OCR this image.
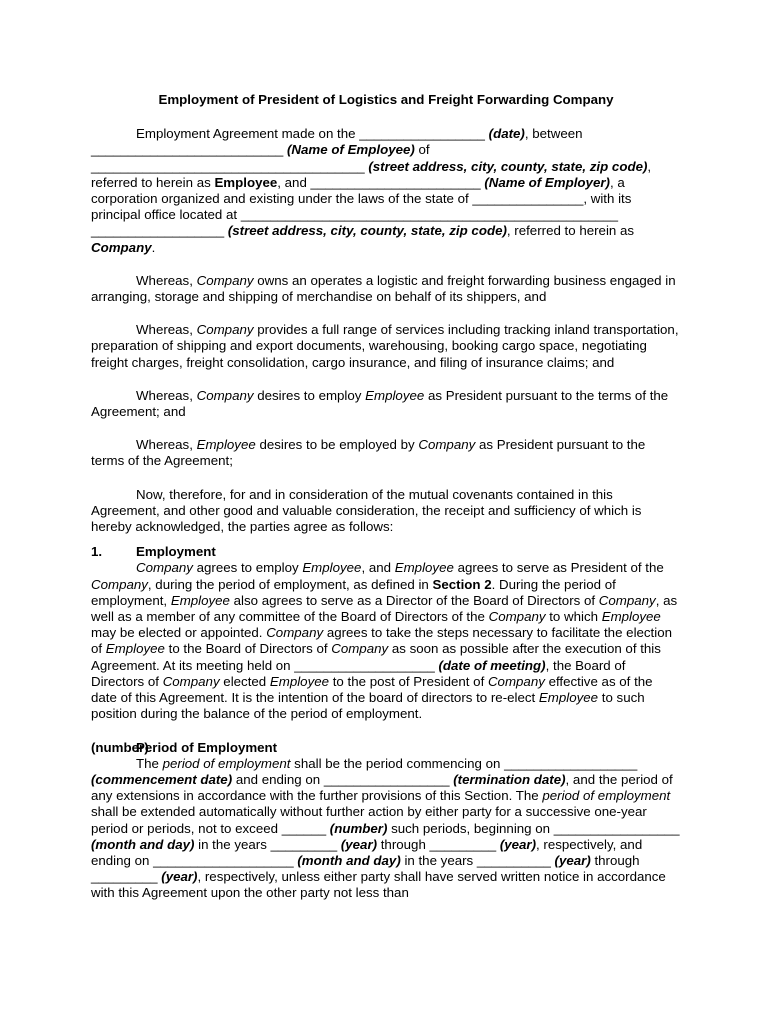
Employment of President of Logistics and Freight Forwarding Company
Employment Agreement made on the _________________ (date), between __________________________ (Name of Employee) of _____________________________________ (street address, city, county, state, zip code), referred to herein as Employee, and _______________________ (Name of Employer), a corporation organized and existing under the laws of the state of _______________, with its principal office located at ___________________________________________________ __________________ (street address, city, county, state, zip code), referred to herein as Company.
Whereas, Company owns an operates a logistic and freight forwarding business engaged in arranging, storage and shipping of merchandise on behalf of its shippers, and
Whereas, Company provides a full range of services including tracking inland transportation, preparation of shipping and export documents, warehousing, booking cargo space, negotiating freight charges, freight consolidation, cargo insurance, and filing of insurance claims; and
Whereas, Company desires to employ Employee as President pursuant to the terms of the Agreement; and
Whereas, Employee desires to be employed by Company as President pursuant to the terms of the Agreement;
Now, therefore, for and in consideration of the mutual covenants contained in this Agreement, and other good and valuable consideration, the receipt and sufficiency of which is hereby acknowledged, the parties agree as follows:
1.	Employment
Company agrees to employ Employee, and Employee agrees to serve as President of the Company, during the period of employment, as defined in Section 2. During the period of employment, Employee also agrees to serve as a Director of the Board of Directors of Company, as well as a member of any committee of the Board of Directors of the Company to which Employee may be elected or appointed. Company agrees to take the steps necessary to facilitate the election of Employee to the Board of Directors of Company as soon as possible after the execution of this Agreement. At its meeting held on ___________________ (date of meeting), the Board of Directors of Company elected Employee to the post of President of Company effective as of the date of this Agreement. It is the intention of the board of directors to re-elect Employee to such position during the balance of the period of employment.
(number)Period of Employment
The period of employment shall be the period commencing on __________________ (commencement date) and ending on _________________ (termination date), and the period of any extensions in accordance with the further provisions of this Section. The period of employment shall be extended automatically without further action by either party for a successive one-year period or periods, not to exceed ______ (number) such periods, beginning on _________________ (month and day) in the years _________ (year) through _________ (year), respectively, and ending on ___________________ (month and day) in the years __________ (year) through _________ (year), respectively, unless either party shall have served written notice in accordance with this Agreement upon the other party not less than
